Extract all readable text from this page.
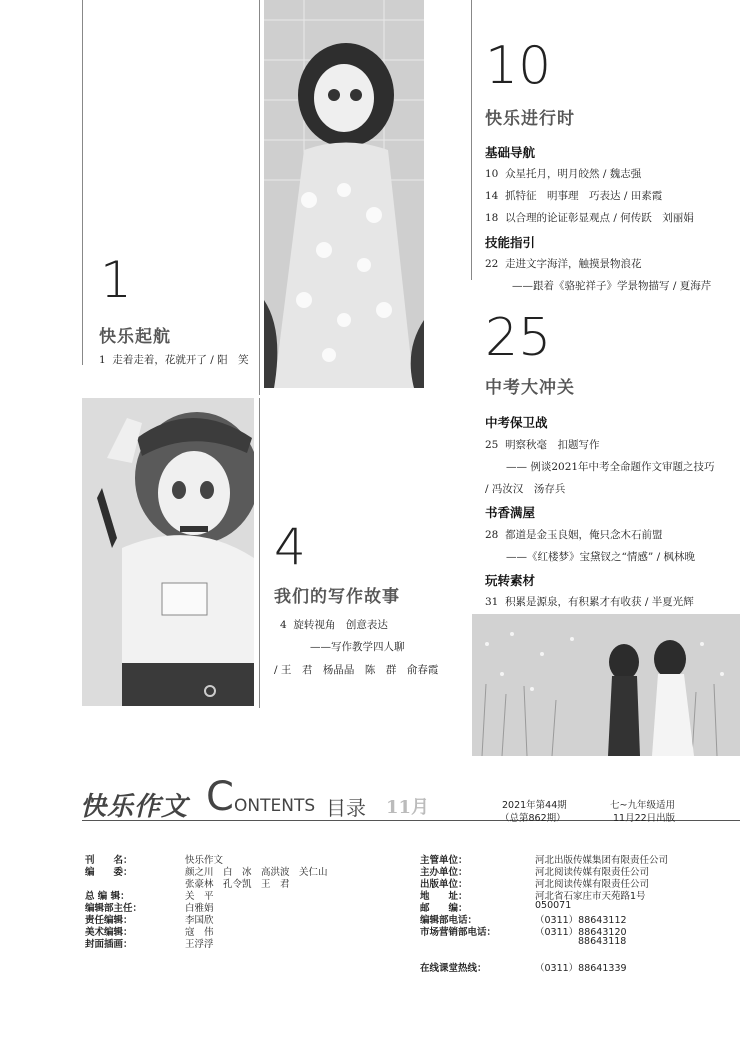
1
快乐起航
1 走着走着，花就开了 / 阳　笑
10
快乐进行时
基础导航
10 众星托月，明月皎然 / 魏志强
14 抓特征　明事理　巧表达 / 田素霞
18 以合理的论证彰显观点 / 何传跃　刘丽娟
技能指引
22 走进文字海洋，触摸景物浪花
——跟着《骆驼祥子》学景物描写 / 夏海芹
25
中考大冲关
中考保卫战
25 明察秋毫　扣题写作
—— 例谈2021年中考全命题作文审题之技巧
/ 冯汝汉　汤存兵
书香满屋
28 都道是金玉良姻，俺只念木石前盟
——《红楼梦》宝黛钗之“情感” / 枫林晚
玩转素材
31 积累是源泉，有积累才有收获 / 半夏光辉
4
我们的写作故事
4 旋转视角　创意表达
——写作教学四人聊
/ 王　君　杨晶晶　陈　群　俞春霞
快乐作文 C ONTENTS 目录 11月	2021年第44期
（总第862期）
七~九年级适用
11月22日出版
刊　　名：	快乐作文
编　　委：	颜之川　白　冰　高洪波　关仁山
张豪林　孔令凯　王　君
总 编 辑：	关　平
编辑部主任：	白雅娟
责任编辑：	李国欣
美术编辑：	寇　伟
封面插画：	王浮浮
主管单位：	河北出版传媒集团有限责任公司
主办单位：	河北阅读传媒有限责任公司
出版单位：	河北阅读传媒有限责任公司
地　　址：	河北省石家庄市天苑路1号
邮　　编：	050071
编辑部电话：	（0311）88643112
市场营销部电话：	（0311）88643120
88643118
在线课堂热线：	（0311）88641339
